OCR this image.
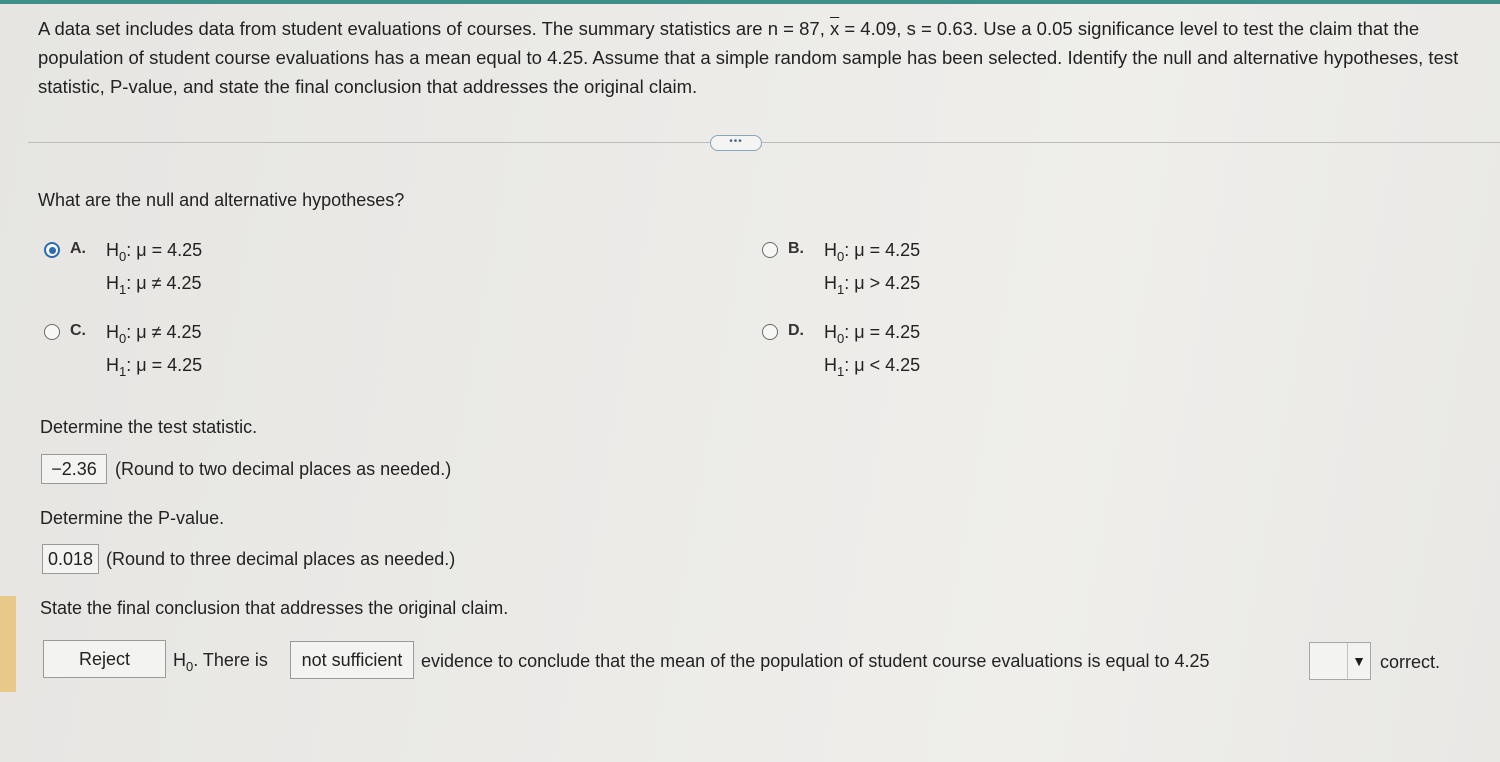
A data set includes data from student evaluations of courses. The summary statistics are n = 87, $\overline{x} = 4.09$, s = 0.63. Use a 0.05 significance level to test the claim that the population of student course evaluations has a mean equal to 4.25. Assume that a simple random sample has been selected. Identify the null and alternative hypotheses, test statistic, P-value, and state the final conclusion that addresses the original claim.
•••
What are the null and alternative hypotheses?
A. $H_0$: μ = 4.25
$H_1$: μ ≠ 4.25
B. $H_0$: μ = 4.25
$H_1$: μ > 4.25
C. $H_0$: μ ≠ 4.25
$H_1$: μ = 4.25
D. $H_0$: μ = 4.25
$H_1$: μ < 4.25
Determine the test statistic.
−2.36	(Round to two decimal places as needed.)
Determine the P-value.
0.018 (Round to three decimal places as needed.)
State the final conclusion that addresses the original claim.
Reject	$H_0$. There is	not sufficient	evidence to conclude that the mean of the population of student course evaluations is equal to 4.25	▼ correct.
